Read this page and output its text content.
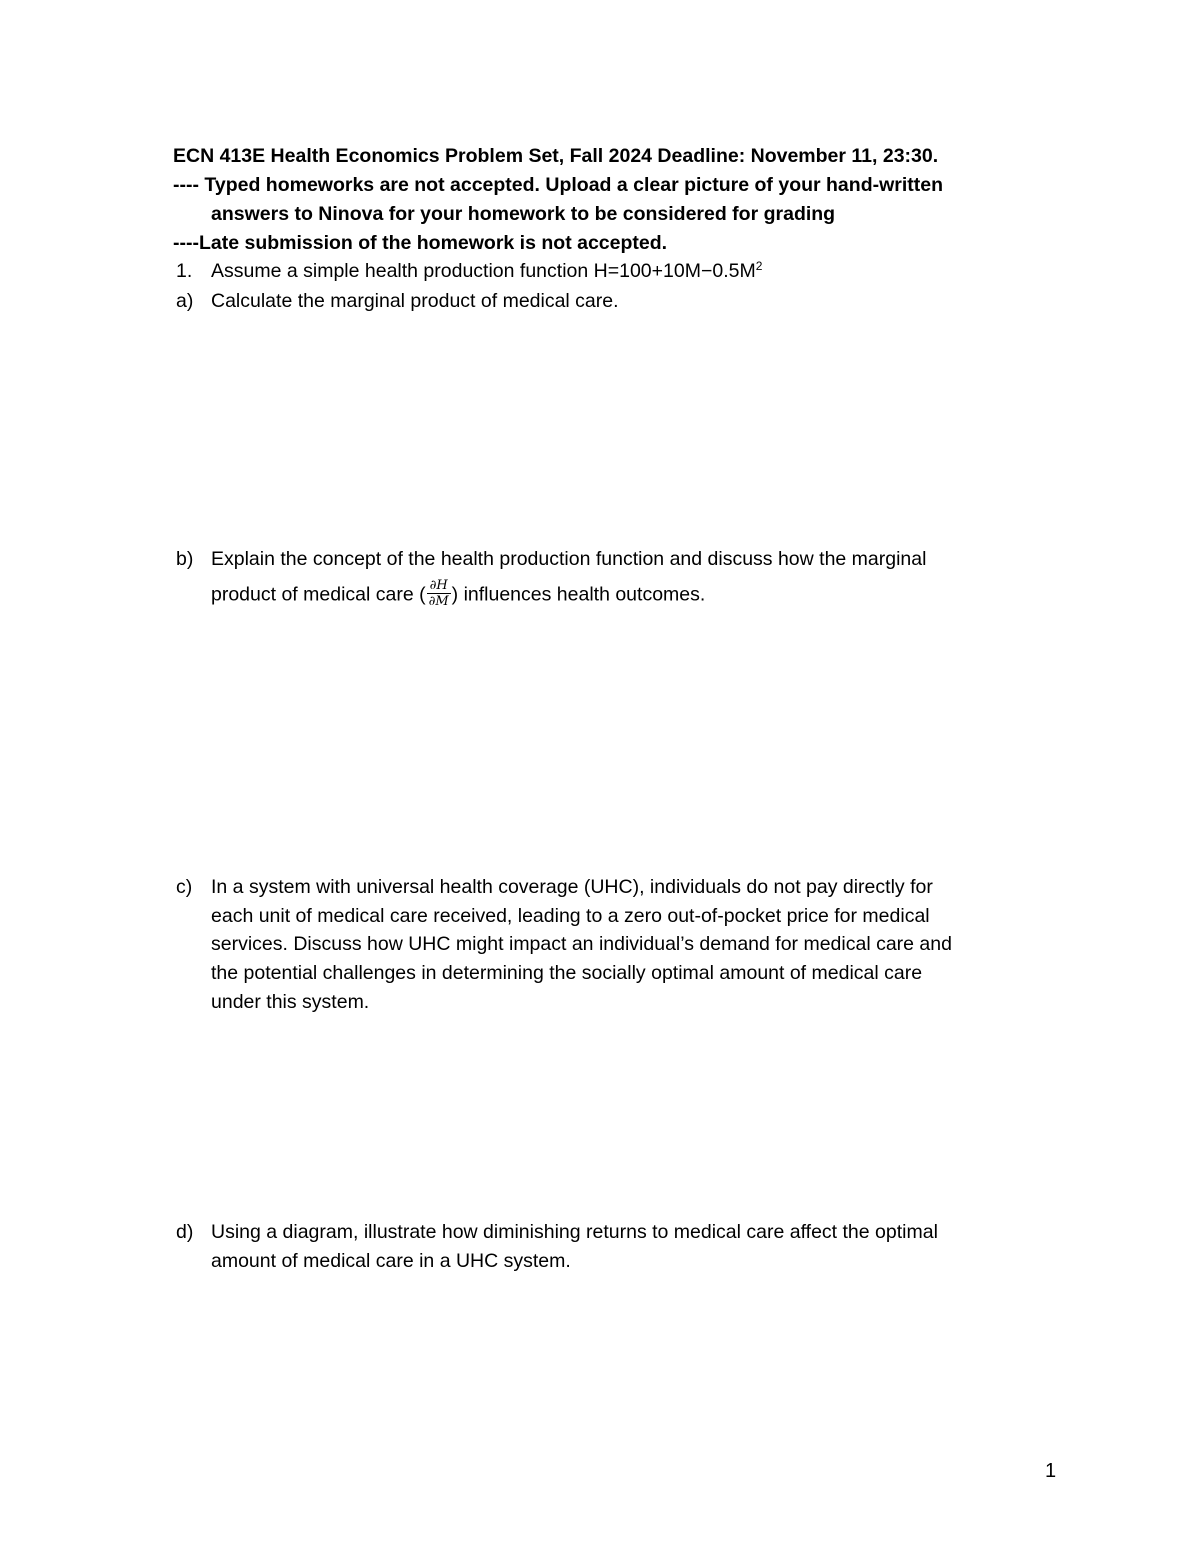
ECN 413E Health Economics Problem Set, Fall 2024 Deadline: November 11, 23:30.
---- Typed homeworks are not accepted. Upload a clear picture of your hand-written
answers to Ninova for your homework to be considered for grading
----Late submission of the homework is not accepted.
1. Assume a simple health production function $H=100+10M-0.5M^2$
a) Calculate the marginal product of medical care.
b) Explain the concept of the health production function and discuss how the marginal
product of medical care ( $\frac{\partial H}{\partial M}$ ) influences health outcomes.
c) In a system with universal health coverage (UHC), individuals do not pay directly for
each unit of medical care received, leading to a zero out-of-pocket price for medical
services. Discuss how UHC might impact an individual’s demand for medical care and
the potential challenges in determining the socially optimal amount of medical care
under this system.
d) Using a diagram, illustrate how diminishing returns to medical care affect the optimal
amount of medical care in a UHC system.
1
